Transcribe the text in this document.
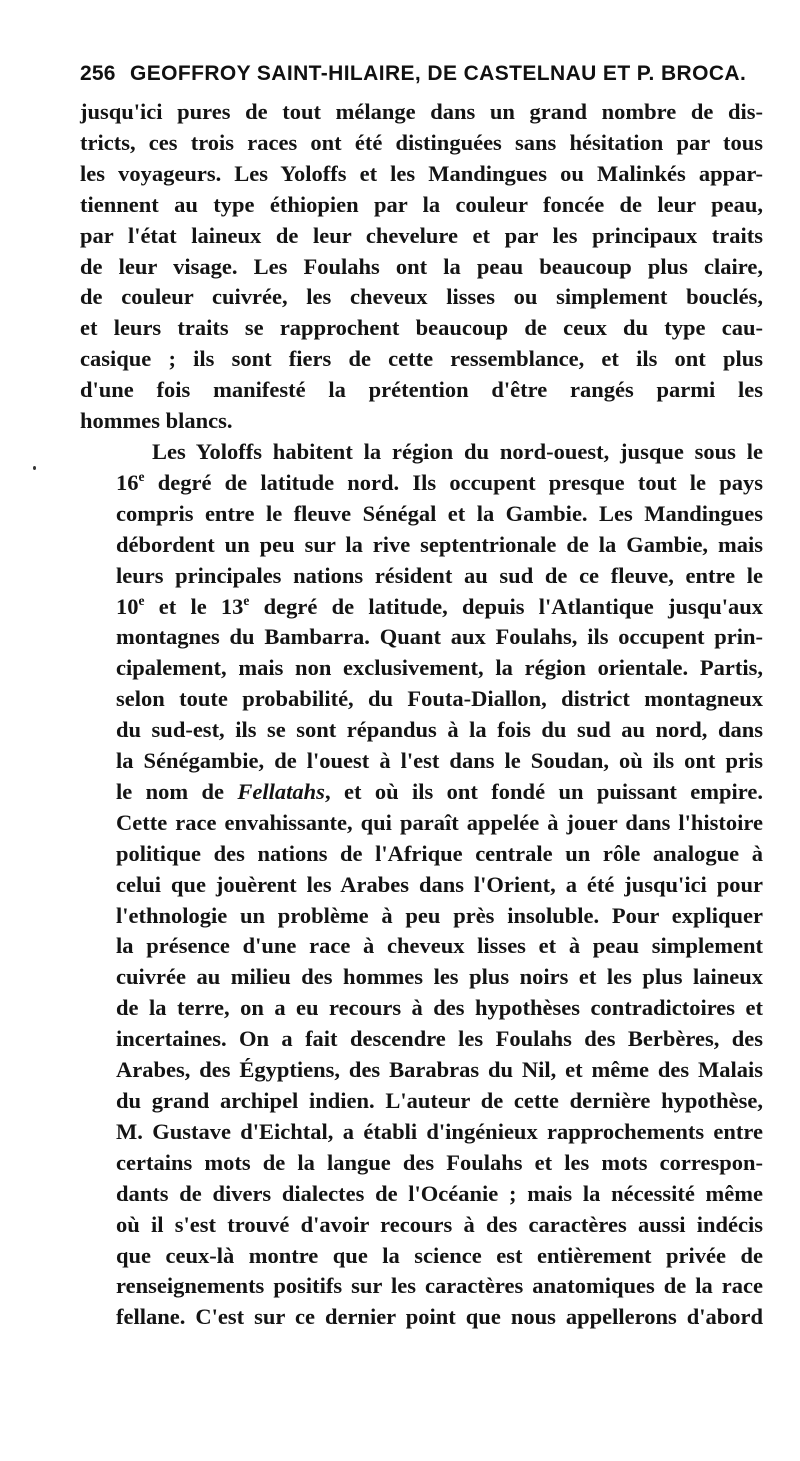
256 GEOFFROY SAINT-HILAIRE, DE CASTELNAU ET P. BROCA.

jusqu'ici pures de tout mélange dans un grand nombre de dis-
tricts, ces trois races ont été distinguées sans hésitation par tous
les voyageurs. Les Yoloffs et les Mandingues ou Malinkés appar-
tiennent au type éthiopien par la couleur foncée de leur peau,
par l'état laineux de leur chevelure et par les principaux traits
de leur visage. Les Foulahs ont la peau beaucoup plus claire,
de couleur cuivrée, les cheveux lisses ou simplement bouclés,
et leurs traits se rapprochent beaucoup de ceux du type cau-
casique ; ils sont fiers de cette ressemblance, et ils ont plus
d'une fois manifesté la prétention d'être rangés parmi les
hommes blancs.

Les Yoloffs habitent la région du nord-ouest, jusque sous le
16e degré de latitude nord. Ils occupent presque tout le pays
compris entre le fleuve Sénégal et la Gambie. Les Mandingues
débordent un peu sur la rive septentrionale de la Gambie, mais
leurs principales nations résident au sud de ce fleuve, entre le
10e et le 13e degré de latitude, depuis l'Atlantique jusqu'aux
montagnes du Bambarra. Quant aux Foulahs, ils occupent prin-
cipalement, mais non exclusivement, la région orientale. Partis,
selon toute probabilité, du Fouta-Diallon, district montagneux
du sud-est, ils se sont répandus à la fois du sud au nord, dans
la Sénégambie, de l'ouest à l'est dans le Soudan, où ils ont pris
le nom de Fellatahs, et où ils ont fondé un puissant empire.
Cette race envahissante, qui paraît appelée à jouer dans l'histoire
politique des nations de l'Afrique centrale un rôle analogue à
celui que jouèrent les Arabes dans l'Orient, a été jusqu'ici pour
l'ethnologie un problème à peu près insoluble. Pour expliquer
la présence d'une race à cheveux lisses et à peau simplement
cuivrée au milieu des hommes les plus noirs et les plus laineux
de la terre, on a eu recours à des hypothèses contradictoires et
incertaines. On a fait descendre les Foulahs des Berbères, des
Arabes, des Égyptiens, des Barabras du Nil, et même des Malais
du grand archipel indien. L'auteur de cette dernière hypothèse,
M. Gustave d'Eichtal, a établi d'ingénieux rapprochements entre
certains mots de la langue des Foulahs et les mots correspon-
dants de divers dialectes de l'Océanie ; mais la nécessité même
où il s'est trouvé d'avoir recours à des caractères aussi indécis
que ceux-là montre que la science est entièrement privée de
renseignements positifs sur les caractères anatomiques de la race
fellane. C'est sur ce dernier point que nous appellerons d'abord
